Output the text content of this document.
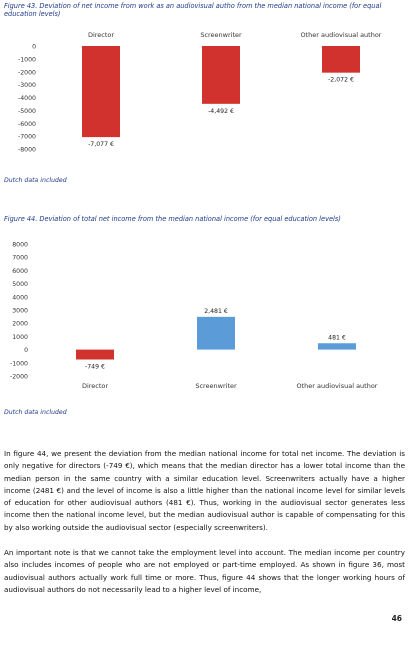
Figure 43. Deviation of net income from work as an audiovisual autho from the median national income (for equal education levels)
0
-1000
-2000
-3000
-4000
-5000
-6000
-7000
-8000
Director	Screenwriter	Other audiovisual author
-7,077 €
-4,492 €
-2,072 €
Dutch data included
Figure 44. Deviation of total net income from the median national income (for equal education levels)
8000
7000
6000
5000
4000
3000
2000
1000
0
-1000
-2000
-749 €
2,481 €
481 €
Director	Screenwriter	Other audiovisual author
Dutch data included

In figure 44, we present the deviation from the median national income for total net income. The deviation is only negative for directors (-749 €), which means that the median director has a lower total income than the median person in the same country with a similar education level. Screenwriters actually have a higher income (2481 €) and the level of income is also a little higher than the national income level for similar levels of education for other audiovisual authors (481 €). Thus, working in the audiovisual sector generates less income then the national income level, but the median audiovisual author is capable of compensating for this by also working outside the audiovisual sector (especially screenwriters).

An important note is that we cannot take the employment level into account. The median income per country also includes incomes of people who are not employed or part-time employed. As shown in figure 36, most audiovisual authors actually work full time or more. Thus, figure 44 shows that the longer working hours of audiovisual authors do not necessarily lead to a higher level of income,

46
